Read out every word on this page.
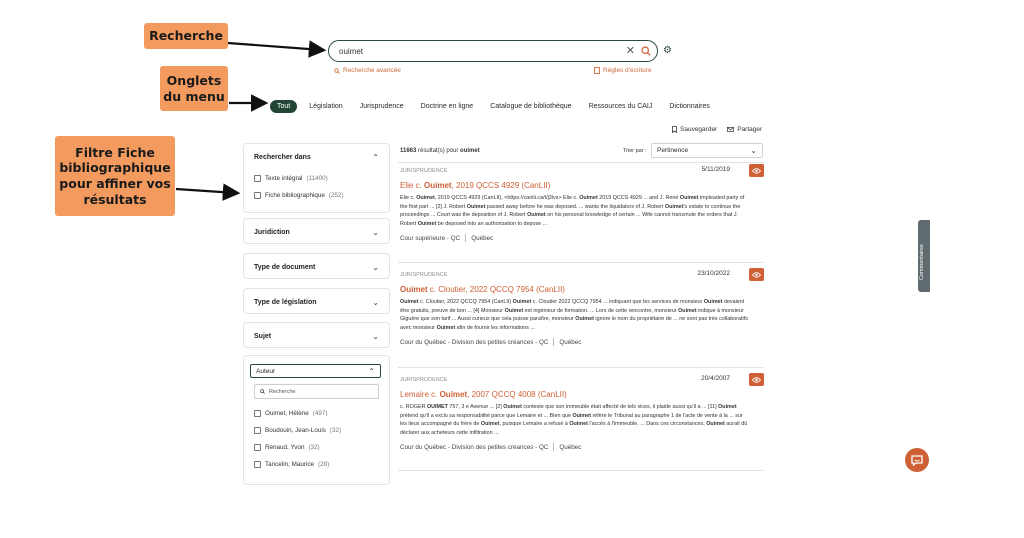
Recherche
Onglets
du menu
Filtre Fiche
bibliographique
pour affiner vos
résultats
ouimet	✕	⚙
Recherche avancée	Règles d'écriture
Tout	Législation Jurisprudence Doctrine en ligne Catalogue de bibliothèque Ressources du CAIJ Dictionnaires
Sauvegarder	Partager
Rechercher dans	⌃
Texte intégral (11400)
Fiche bibliographique (252)
Juridiction	⌄
Type de document	⌄
Type de législation	⌄
Sujet	⌄
Auteur	⌃
Recherche
Ouimet, Hélène (497)
Boudouin, Jean-Louis (32)
Renaud, Yvon (32)
Tancelin, Maurice (28)
11663 résultat(s) pour ouimet	Trier par : Pertinence	⌄
JURISPRUDENCE	5/11/2019
Elie c. Ouimet, 2019 QCCS 4929 (CanLII)
Elie c. Ouimet, 2019 QCCS 4929 (CanLII), <https://canlii.ca/t/j3lvs> Elie c. Ouimet 2019 QCCS 4929 ... and J. René Ouimet impleaded party of the first part ... [2] J. Robert Ouimet passed away before he was deposed. ... wants the liquidators of J. Robert Ouimet's estate to continue the proceedings ... Court was the deposition of J. Robert Ouimet on his personal knowledge of certain ... Wife cannot transmute the orders that J. Robert Ouimet be deposed into an authorization to depose ...
Cour supérieure - QC Québec
JURISPRUDENCE	23/10/2022
Ouimet c. Cloutier, 2022 QCCQ 7954 (CanLII)
Ouimet c. Cloutier, 2022 QCCQ 7954 (CanLII) Ouimet c. Cloutier 2022 QCCQ 7954 ... indiquant que les services de monsieur Ouimet devaient être gratuits, preuve de bon ... [4] Monsieur Ouimet est ingénieur de formation. ... Lors de cette rencontre, monsieur Ouimet indique à monsieur Giguère que son tarif ... Aussi curieux que cela puisse paraître, monsieur Ouimet ignore le nom du propriétaire de ... ne sont pas très collaboratifs avec monsieur Ouimet afin de fournir les informations ...
Cour du Québec - Division des petites créances - QC Québec
JURISPRUDENCE	20/4/2007
Lemaire c. Ouimet, 2007 QCCQ 4008 (CanLII)
c. ROGER OUIMET 757, 3 e Avenue ... [2] Ouimet conteste que son immeuble était affecté de tels vices, il plaide aussi qu'il a ... [11] Ouimet prétend qu'il a exclu sa responsabilité parce que Lemaire et ... Bien que Ouimet réfère le Tribunal au paragraphe 1 de l'acte de vente à la ... sur les lieux accompagné du frère de Ouimet, puisque Lemaire a refusé à Ouimet l'accès à l'immeuble. ... Dans ces circonstances, Ouimet aurait dû déclarer aux acheteurs cette infiltration ...
Cour du Québec - Division des petites créances - QC Québec
Commentaires
